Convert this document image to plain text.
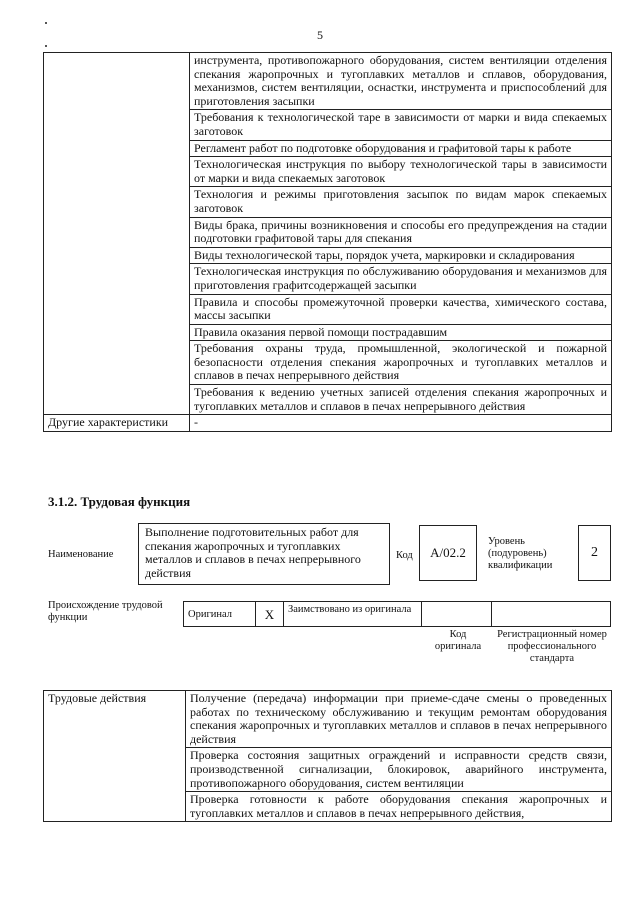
5
	инструмента, противопожарного оборудования, систем вентиляции отделения спекания жаропрочных и тугоплавких металлов и сплавов, оборудования, механизмов, систем вентиляции, оснастки, инструмента и приспособлений для приготовления засыпки
	Требования к технологической таре в зависимости от марки и вида спекаемых заготовок
	Регламент работ по подготовке оборудования и графитовой тары к работе
	Технологическая инструкция по выбору технологической тары в зависимости от марки и вида спекаемых заготовок
	Технология и режимы приготовления засыпок по видам марок спекаемых заготовок
	Виды брака, причины возникновения и способы его предупреждения на стадии подготовки графитовой тары для спекания
	Виды технологической тары, порядок учета, маркировки и складирования
	Технологическая инструкция по обслуживанию оборудования и механизмов для приготовления графитсодержащей засыпки
	Правила и способы промежуточной проверки качества, химического состава, массы засыпки
	Правила оказания первой помощи пострадавшим
	Требования охраны труда, промышленной, экологической и пожарной безопасности отделения спекания жаропрочных и тугоплавких металлов и сплавов в печах непрерывного действия
	Требования к ведению учетных записей отделения спекания жаропрочных и тугоплавких металлов и сплавов в печах непрерывного действия
Другие характеристики	-
3.1.2. Трудовая функция
Наименование
Выполнение подготовительных работ для спекания жаропрочных и тугоплавких металлов и сплавов в печах непрерывного действия
Код	А/02.2
Уровень (подуровень) квалификации
2
Происхождение трудовой функции	Оригинал	X	Заимствовано из оригинала
Код оригинала
Регистрационный номер профессионального стандарта
Трудовые действия	Получение (передача) информации при приеме-сдаче смены о проведенных работах по техническому обслуживанию и текущим ремонтам оборудования спекания жаропрочных и тугоплавких металлов и сплавов в печах непрерывного действия
Проверка состояния защитных ограждений и исправности средств связи, производственной сигнализации, блокировок, аварийного инструмента, противопожарного оборудования, систем вентиляции
Проверка готовности к работе оборудования спекания жаропрочных и тугоплавких металлов и сплавов в печах непрерывного действия,
